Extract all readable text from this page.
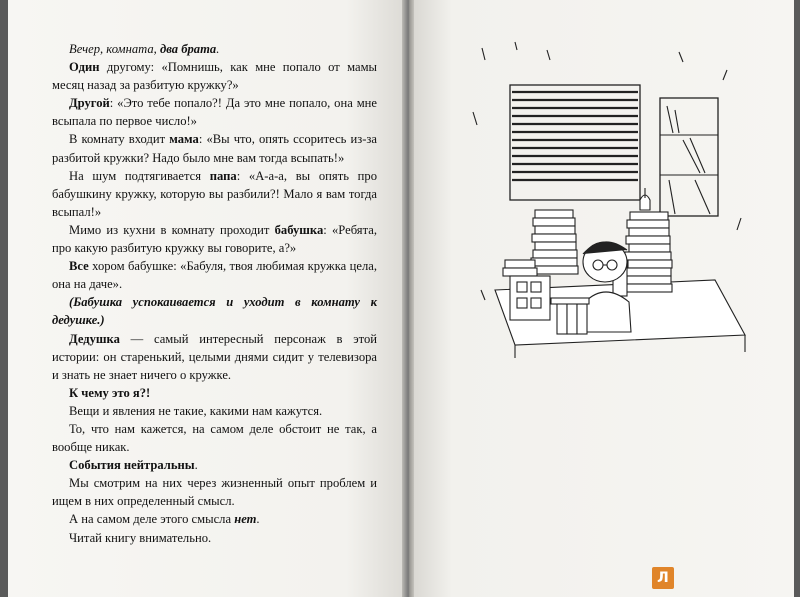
Вечер, комната, два брата.

Один другому: «Помнишь, как мне попало от мамы месяц назад за разбитую кружку?»

Другой: «Это тебе попало?! Да это мне попало, она мне всыпала по первое число!»

В комнату входит мама: «Вы что, опять ссоритесь из-за разбитой кружки? Надо было мне вам тогда всыпать!»

На шум подтягивается папа: «А-а-а, вы опять про бабушкину кружку, которую вы разбили?! Мало я вам тогда всыпал!»

Мимо из кухни в комнату проходит бабушка: «Ребята, про какую разбитую кружку вы говорите, а?»

Все хором бабушке: «Бабуля, твоя любимая кружка цела, она на даче».

(Бабушка успокаивается и уходит в комнату к дедушке.)

Дедушка — самый интересный персонаж в этой истории: он старенький, целыми днями сидит у телевизора и знать не знает ничего о кружке.

К чему это я?!

Вещи и явления не такие, какими нам кажутся.

То, что нам кажется, на самом деле обстоит не так, а вообще никак.

События нейтральны.

Мы смотрим на них через жизненный опыт проблем и ищем в них определенный смысл.

А на самом деле этого смысла нет.

Читай книгу внимательно.

Л
